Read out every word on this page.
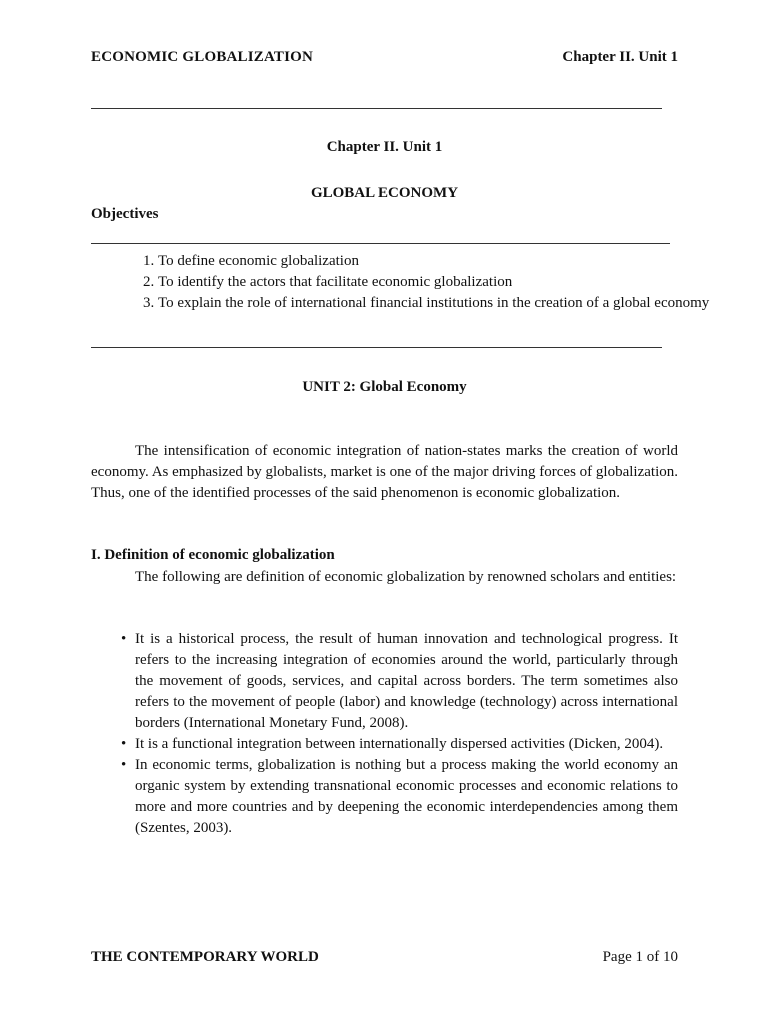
ECONOMIC GLOBALIZATION	Chapter II. Unit 1
Chapter II. Unit 1
GLOBAL ECONOMY
Objectives
1. To define economic globalization
2. To identify the actors that facilitate economic globalization
3. To explain the role of international financial institutions in the creation of a global economy
UNIT 2: Global Economy

The intensification of economic integration of nation-states marks the creation of world economy. As emphasized by globalists, market is one of the major driving forces of globalization. Thus, one of the identified processes of the said phenomenon is economic globalization.

I. Definition of economic globalization

The following are definition of economic globalization by renowned scholars and entities:

• It is a historical process, the result of human innovation and technological progress. It refers to the increasing integration of economies around the world, particularly through the movement of goods, services, and capital across borders. The term sometimes also refers to the movement of people (labor) and knowledge (technology) across international borders (International Monetary Fund, 2008).
• It is a functional integration between internationally dispersed activities (Dicken, 2004).
• In economic terms, globalization is nothing but a process making the world economy an organic system by extending transnational economic processes and economic relations to more and more countries and by deepening the economic interdependencies among them (Szentes, 2003).
THE CONTEMPORARY WORLD	Page 1 of 10
